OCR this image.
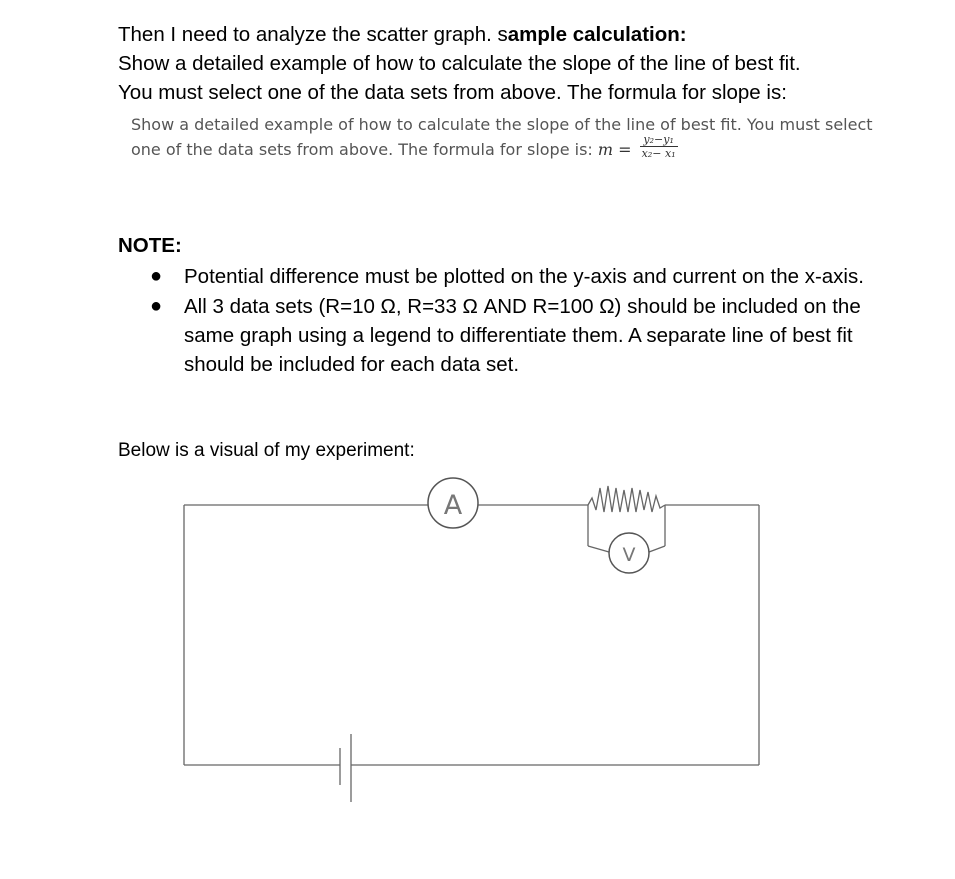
Then I need to analyze the scatter graph. sample calculation:

Show a detailed example of how to calculate the slope of the line of best fit.

You must select one of the data sets from above. The formula for slope is:

Show a detailed example of how to calculate the slope of the line of best fit. You must select
one of the data sets from above. The formula for slope is: $m = \frac{\text{y₂−y₁}}{\text{x₂− x₁}}$
NOTE:
● Potential difference must be plotted on the y-axis and current on the x-axis.
● All 3 data sets (R=10 Ω, R=33 Ω AND R=100 Ω) should be included on the same graph using a legend to differentiate them. A separate line of best fit should be included for each data set.
Below is a visual of my experiment:
A
V
